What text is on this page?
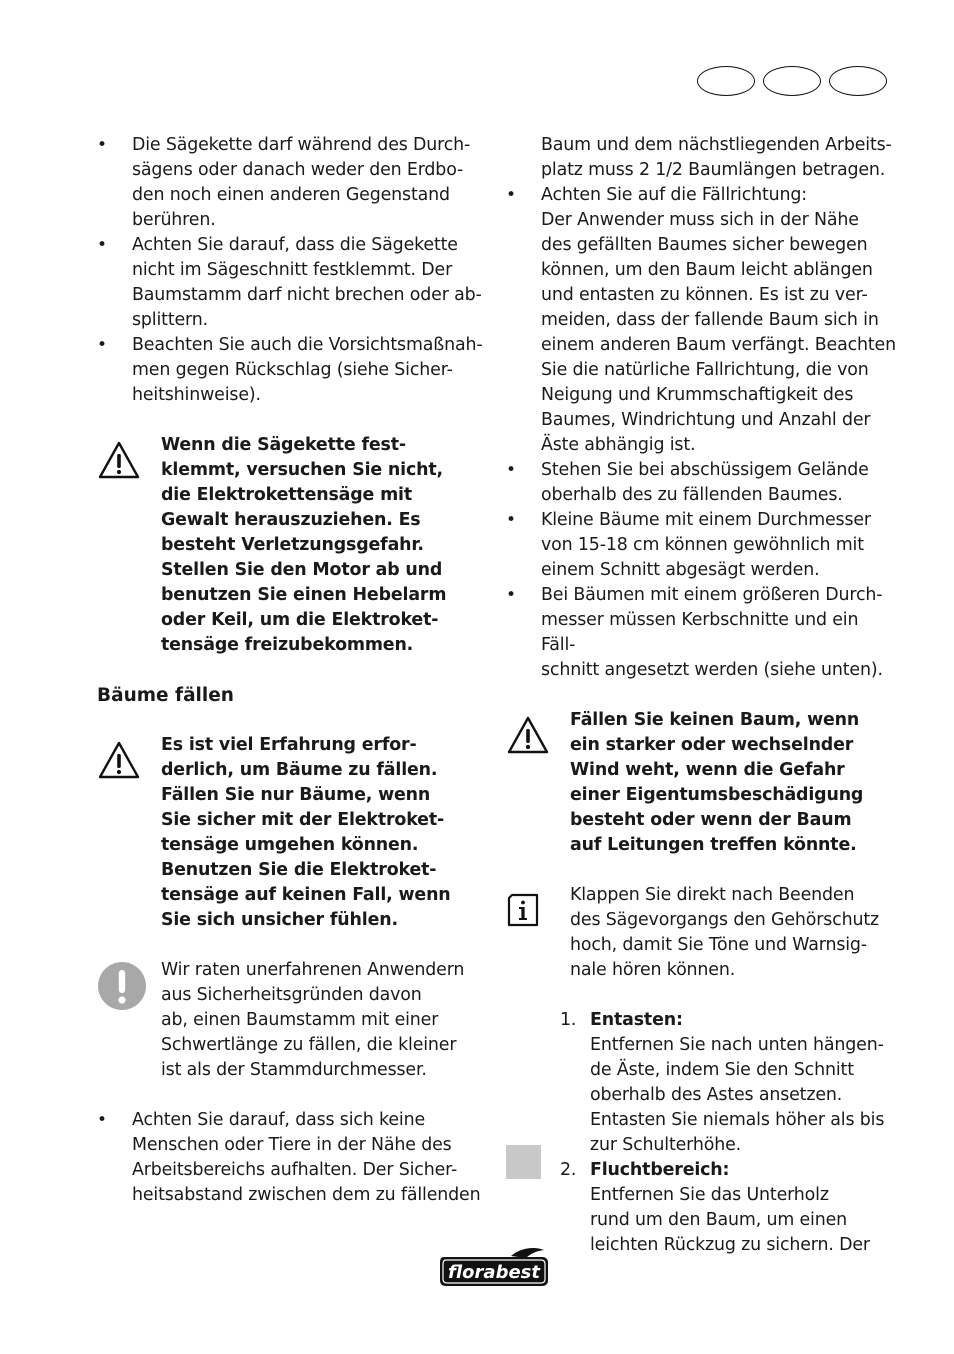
• Die Sägekette darf während des Durch-
sägens oder danach weder den Erdbo-
den noch einen anderen Gegenstand
berühren.
• Achten Sie darauf, dass die Sägekette
nicht im Sägeschnitt festklemmt. Der
Baumstamm darf nicht brechen oder ab-
splittern.
• Beachten Sie auch die Vorsichtsmaßnah-
men gegen Rückschlag (siehe Sicher-
heitshinweise).
Wenn die Sägekette fest-
klemmt, versuchen Sie nicht,
die Elektrokettensäge mit
Gewalt herauszuziehen. Es
besteht Verletzungsgefahr.
Stellen Sie den Motor ab und
benutzen Sie einen Hebelarm
oder Keil, um die Elektroket-
tensäge freizubekommen.
Bäume fällen
Es ist viel Erfahrung erfor-
derlich, um Bäume zu fällen.
Fällen Sie nur Bäume, wenn
Sie sicher mit der Elektroket-
tensäge umgehen können.
Benutzen Sie die Elektroket-
tensäge auf keinen Fall, wenn
Sie sich unsicher fühlen.
Wir raten unerfahrenen Anwendern
aus Sicherheitsgründen davon
ab, einen Baumstamm mit einer
Schwertlänge zu fällen, die kleiner
ist als der Stammdurchmesser.
• Achten Sie darauf, dass sich keine
Menschen oder Tiere in der Nähe des
Arbeitsbereichs aufhalten. Der Sicher-
heitsabstand zwischen dem zu fällenden
Baum und dem nächstliegenden Arbeits-
platz muss 2 1/2 Baumlängen betragen.
• Achten Sie auf die Fällrichtung:
Der Anwender muss sich in der Nähe
des gefällten Baumes sicher bewegen
können, um den Baum leicht ablängen
und entasten zu können. Es ist zu ver-
meiden, dass der fallende Baum sich in
einem anderen Baum verfängt. Beachten
Sie die natürliche Fallrichtung, die von
Neigung und Krummschaftigkeit des
Baumes, Windrichtung und Anzahl der
Äste abhängig ist.
• Stehen Sie bei abschüssigem Gelände
oberhalb des zu fällenden Baumes.
• Kleine Bäume mit einem Durchmesser
von 15-18 cm können gewöhnlich mit
einem Schnitt abgesägt werden.
• Bei Bäumen mit einem größeren Durch-
messer müssen Kerbschnitte und ein Fäll-
schnitt angesetzt werden (siehe unten).
Fällen Sie keinen Baum, wenn
ein starker oder wechselnder
Wind weht, wenn die Gefahr
einer Eigentumsbeschädigung
besteht oder wenn der Baum
auf Leitungen treffen könnte.
Klappen Sie direkt nach Beenden
des Sägevorgangs den Gehörschutz
hoch, damit Sie Töne und Warnsig-
nale hören können.
1. Entasten:
Entfernen Sie nach unten hängen-
de Äste, indem Sie den Schnitt
oberhalb des Astes ansetzen.
Entasten Sie niemals höher als bis
zur Schulterhöhe.
2. Fluchtbereich:
Entfernen Sie das Unterholz
rund um den Baum, um einen
leichten Rückzug zu sichern. Der
florabest
